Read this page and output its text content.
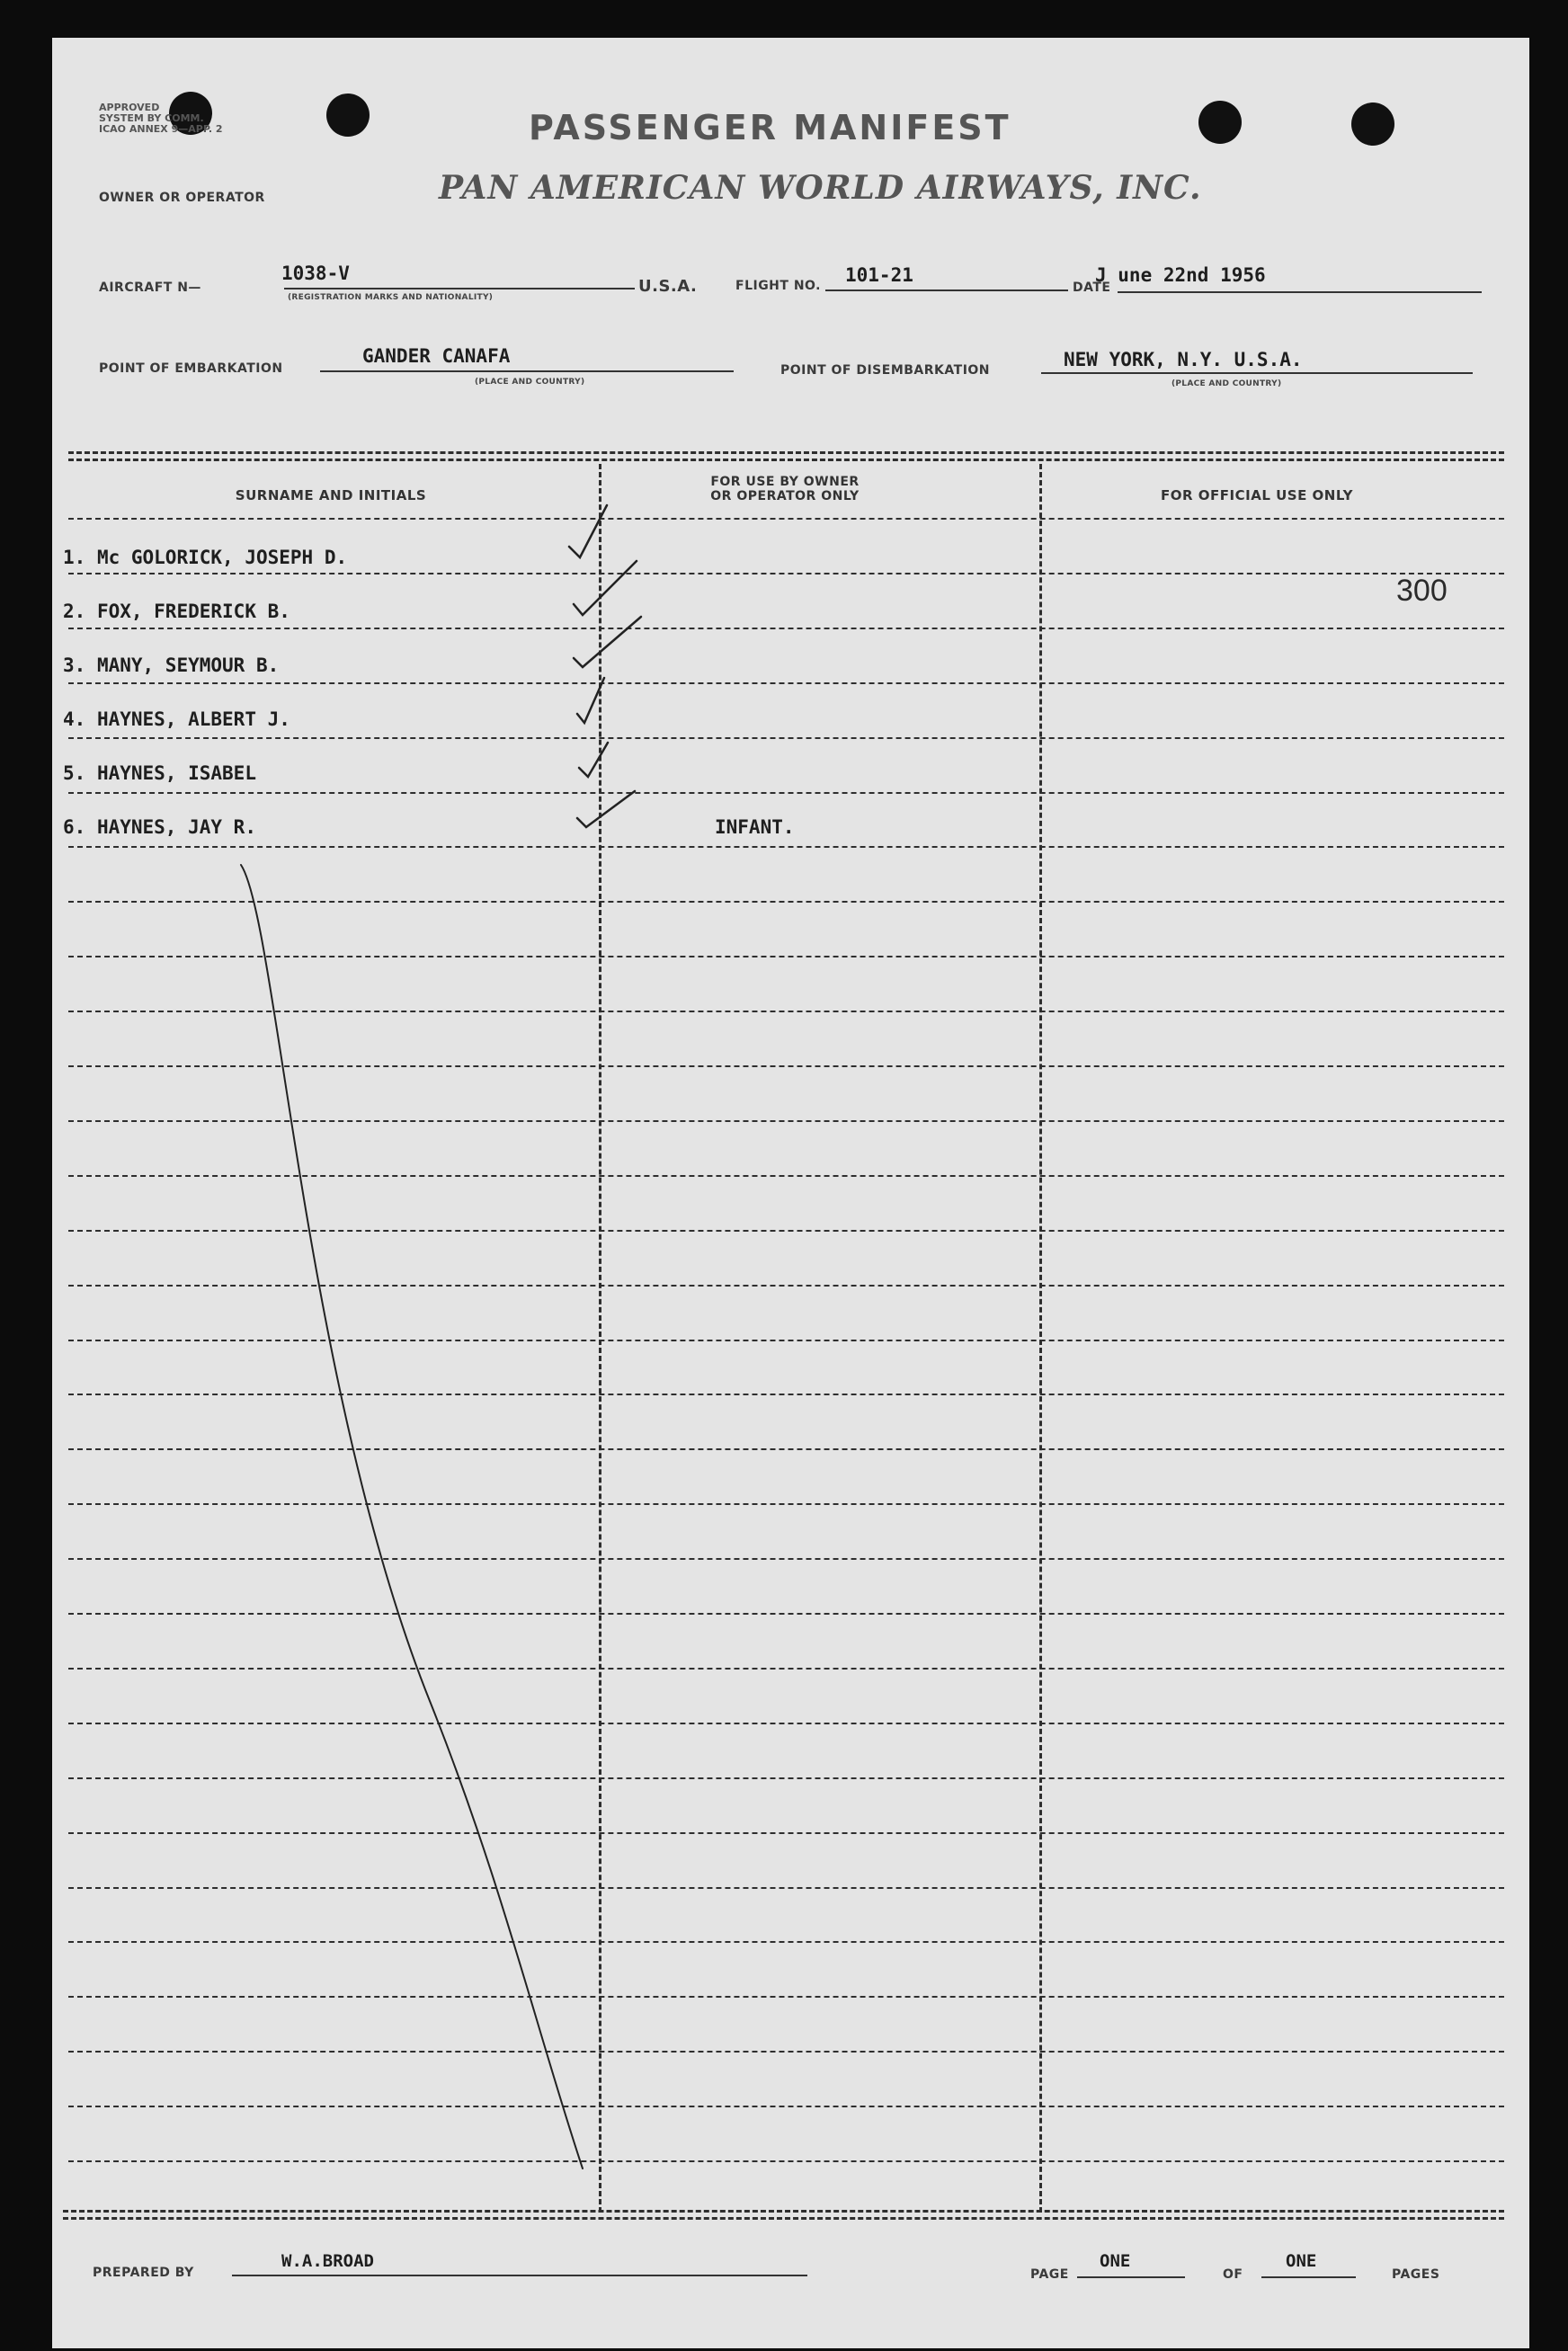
APPROVED
SYSTEM BY COMM.
ICAO ANNEX 9—APP. 2	PASSENGER MANIFEST
OWNER OR OPERATOR	PAN AMERICAN WORLD AIRWAYS, INC.
AIRCRAFT N—
1038-V
(REGISTRATION MARKS AND NATIONALITY)
U.S.A.	FLIGHT NO. 101-21
DATE
J une 22nd 1956
POINT OF EMBARKATION
GANDER CANAFA
(PLACE AND COUNTRY)
POINT OF DISEMBARKATION	NEW YORK, N.Y. U.S.A.
(PLACE AND COUNTRY)
SURNAME AND INITIALS
FOR USE BY OWNER
OR OPERATOR ONLY	FOR OFFICIAL USE ONLY
1. Mc GOLORICK, JOSEPH D.
2. FOX, FREDERICK B.
3. MANY, SEYMOUR B.
4. HAYNES, ALBERT J.
5. HAYNES, ISABEL
6. HAYNES, JAY R.	INFANT.
300
PREPARED BY
W.A.BROAD
PAGE
ONE
OF
ONE
PAGES
